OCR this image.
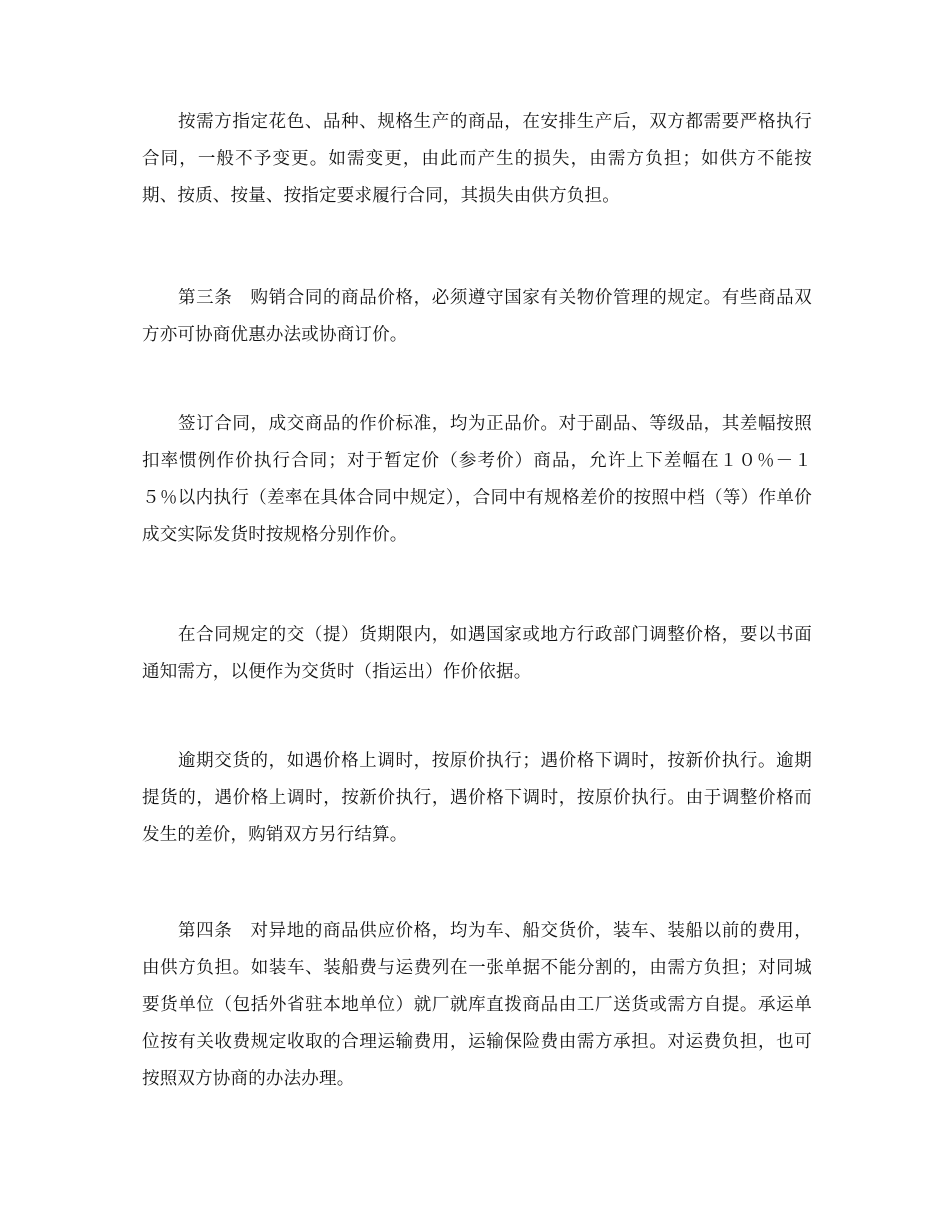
按需方指定花色、品种、规格生产的商品，在安排生产后，双方都需要严格执行合同，一般不予变更。如需变更，由此而产生的损失，由需方负担；如供方不能按期、按质、按量、按指定要求履行合同，其损失由供方负担。

第三条　购销合同的商品价格，必须遵守国家有关物价管理的规定。有些商品双方亦可协商优惠办法或协商订价。

签订合同，成交商品的作价标准，均为正品价。对于副品、等级品，其差幅按照扣率惯例作价执行合同；对于暂定价（参考价）商品，允许上下差幅在１０％－１５％以内执行（差率在具体合同中规定），合同中有规格差价的按照中档（等）作单价成交实际发货时按规格分别作价。

在合同规定的交（提）货期限内，如遇国家或地方行政部门调整价格，要以书面通知需方，以便作为交货时（指运出）作价依据。

逾期交货的，如遇价格上调时，按原价执行；遇价格下调时，按新价执行。逾期提货的，遇价格上调时，按新价执行，遇价格下调时，按原价执行。由于调整价格而发生的差价，购销双方另行结算。

第四条　对异地的商品供应价格，均为车、船交货价，装车、装船以前的费用，由供方负担。如装车、装船费与运费列在一张单据不能分割的，由需方负担；对同城要货单位（包括外省驻本地单位）就厂就库直拨商品由工厂送货或需方自提。承运单位按有关收费规定收取的合理运输费用，运输保险费由需方承担。对运费负担，也可按照双方协商的办法办理。
